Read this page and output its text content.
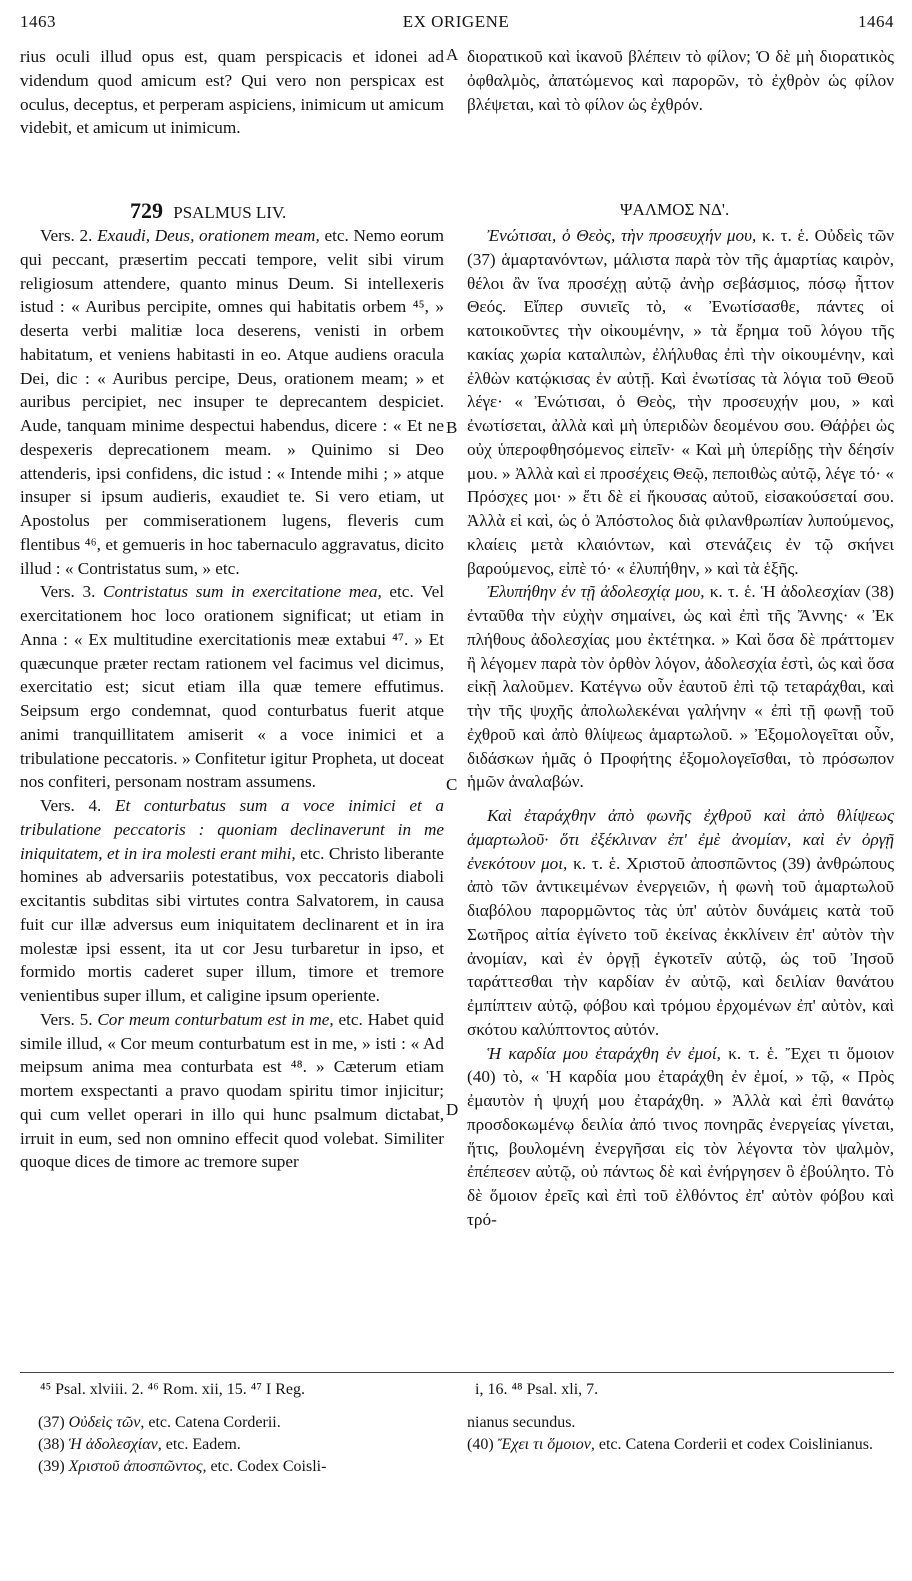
1463	EX ORIGENE	1464
A
B
C
D

rius oculi illud opus est, quam perspicacis et idonei ad videndum quod amicum est? Qui vero non perspicax est oculus, deceptus, et perperam aspiciens, inimicum ut amicum videbit, et amicum ut inimicum.

729 PSALMUS LIV.

Vers. 2. Exaudi, Deus, orationem meam, etc. Nemo eorum qui peccant, præsertim peccati tempore, velit sibi virum religiosum attendere, quanto minus Deum. Si intellexeris istud : « Auribus percipite, omnes qui habitatis orbem ⁴⁵, » deserta verbi malitiæ loca deserens, venisti in orbem habitatum, et veniens habitasti in eo. Atque audiens oracula Dei, dic : « Auribus percipe, Deus, orationem meam; » et auribus percipiet, nec insuper te deprecantem despiciet. Aude, tanquam minime despectui habendus, dicere : « Et ne despexeris deprecationem meam. » Quinimo si Deo attenderis, ipsi confidens, dic istud : « Intende mihi ; » atque insuper si ipsum audieris, exaudiet te. Si vero etiam, ut Apostolus per commiserationem lugens, fleveris cum flentibus ⁴⁶, et gemueris in hoc tabernaculo aggravatus, dicito illud : « Contristatus sum, » etc.

Vers. 3. Contristatus sum in exercitatione mea, etc. Vel exercitationem hoc loco orationem significat; ut etiam in Anna : « Ex multitudine exercitationis meæ extabui ⁴⁷. » Et quæcunque præter rectam rationem vel facimus vel dicimus, exercitatio est; sicut etiam illa quæ temere effutimus. Seipsum ergo condemnat, quod conturbatus fuerit atque animi tranquillitatem amiserit « a voce inimici et a tribulatione peccatoris. » Confitetur igitur Propheta, ut doceat nos confiteri, personam nostram assumens.

Vers. 4. Et conturbatus sum a voce inimici et a tribulatione peccatoris : quoniam declinaverunt in me iniquitatem, et in ira molesti erant mihi, etc. Christo liberante homines ab adversariis potestatibus, vox peccatoris diaboli excitantis subditas sibi virtutes contra Salvatorem, in causa fuit cur illæ adversus eum iniquitatem declinarent et in ira molestæ ipsi essent, ita ut cor Jesu turbaretur in ipso, et formido mortis caderet super illum, timore et tremore venientibus super illum, et caligine ipsum operiente.

Vers. 5. Cor meum conturbatum est in me, etc. Habet quid simile illud, « Cor meum conturbatum est in me, » isti : « Ad meipsum anima mea conturbata est ⁴⁸. » Cæterum etiam mortem exspectanti a pravo quodam spiritu timor injicitur; qui cum vellet operari in illo qui hunc psalmum dictabat, irruit in eum, sed non omnino effecit quod volebat. Similiter quoque dices de timore ac tremore super

διορατικοῦ καὶ ἱκανοῦ βλέπειν τὸ φίλον; Ὁ δὲ μὴ διορατικὸς ὀφθαλμὸς, ἀπατώμενος καὶ παρορῶν, τὸ ἐχθρὸν ὡς φίλον βλέψεται, καὶ τὸ φίλον ὡς ἐχθρόν.

ΨΑΛΜΟΣ ΝΔ'.

Ἐνώτισαι, ὁ Θεὸς, τὴν προσευχήν μου, κ. τ. ἑ. Οὐδεὶς τῶν (37) ἁμαρτανόντων, μάλιστα παρὰ τὸν τῆς ἁμαρτίας καιρὸν, θέλοι ἂν ἵνα προσέχῃ αὐτῷ ἀνὴρ σεβάσμιος, πόσῳ ἧττον Θεός. Εἴπερ συνιεῖς τὸ, « Ἐνωτίσασθε, πάντες οἱ κατοικοῦντες τὴν οἰκουμένην, » τὰ ἔρημα τοῦ λόγου τῆς κακίας χωρία καταλιπὼν, ἐλήλυθας ἐπὶ τὴν οἰκουμένην, καὶ ἐλθὼν κατῴκισας ἐν αὐτῇ. Καὶ ἐνωτίσας τὰ λόγια τοῦ Θεοῦ λέγε· « Ἐνώτισαι, ὁ Θεὸς, τὴν προσευχήν μου, » καὶ ἐνωτίσεται, ἀλλὰ καὶ μὴ ὑπεριδὼν δεομένου σου. Θάῤῥει ὡς οὐχ ὑπεροφθησόμενος εἰπεῖν· « Καὶ μὴ ὑπερίδῃς τὴν δέησίν μου. » Ἀλλὰ καὶ εἰ προσέχεις Θεῷ, πεποιθὼς αὐτῷ, λέγε τό· « Πρόσχες μοι· » ἔτι δὲ εἰ ἤκουσας αὐτοῦ, εἰσακούσεταί σου. Ἀλλὰ εἰ καὶ, ὡς ὁ Ἀπόστολος διὰ φιλανθρωπίαν λυπούμενος, κλαίεις μετὰ κλαιόντων, καὶ στενάζεις ἐν τῷ σκήνει βαρούμενος, εἰπὲ τό· « ἐλυπήθην, » καὶ τὰ ἑξῆς.

Ἐλυπήθην ἐν τῇ ἀδολεσχίᾳ μου, κ. τ. ἑ. Ἡ ἀδολεσχίαν (38) ἐνταῦθα τὴν εὐχὴν σημαίνει, ὡς καὶ ἐπὶ τῆς Ἄννης· « Ἐκ πλήθους ἀδολεσχίας μου ἐκτέτηκα. » Καὶ ὅσα δὲ πράττομεν ἢ λέγομεν παρὰ τὸν ὀρθὸν λόγον, ἀδολεσχία ἐστὶ, ὡς καὶ ὅσα εἰκῇ λαλοῦμεν. Κατέγνω οὖν ἑαυτοῦ ἐπὶ τῷ τεταράχθαι, καὶ τὴν τῆς ψυχῆς ἀπολωλεκέναι γαλήνην « ἐπὶ τῇ φωνῇ τοῦ ἐχθροῦ καὶ ἀπὸ θλίψεως ἁμαρτωλοῦ. » Ἐξομολογεῖται οὖν, διδάσκων ἡμᾶς ὁ Προφήτης ἐξομολογεῖσθαι, τὸ πρόσωπον ἡμῶν ἀναλαβών.

Καὶ ἐταράχθην ἀπὸ φωνῆς ἐχθροῦ καὶ ἀπὸ θλίψεως ἁμαρτωλοῦ· ὅτι ἐξέκλιναν ἐπ' ἐμὲ ἀνομίαν, καὶ ἐν ὀργῇ ἐνεκότουν μοι, κ. τ. ἑ. Χριστοῦ ἀποσπῶντος (39) ἀνθρώπους ἀπὸ τῶν ἀντικειμένων ἐνεργειῶν, ἡ φωνὴ τοῦ ἁμαρτωλοῦ διαβόλου παρορμῶντος τὰς ὑπ' αὐτὸν δυνάμεις κατὰ τοῦ Σωτῆρος αἰτία ἐγίνετο τοῦ ἐκείνας ἐκκλίνειν ἐπ' αὐτὸν τὴν ἀνομίαν, καὶ ἐν ὀργῇ ἐγκοτεῖν αὐτῷ, ὡς τοῦ Ἰησοῦ ταράττεσθαι τὴν καρδίαν ἐν αὐτῷ, καὶ δειλίαν θανάτου ἐμπίπτειν αὐτῷ, φόβου καὶ τρόμου ἐρχομένων ἐπ' αὐτὸν, καὶ σκότου καλύπτοντος αὐτόν.

Ἡ καρδία μου ἐταράχθη ἐν ἐμοί, κ. τ. ἑ. Ἔχει τι ὅμοιον (40) τὸ, « Ἡ καρδία μου ἐταράχθη ἐν ἐμοί, » τῷ, « Πρὸς ἐμαυτὸν ἡ ψυχή μου ἐταράχθη. » Ἀλλὰ καὶ ἐπὶ θανάτῳ προσδοκωμένῳ δειλία ἀπό τινος πονηρᾶς ἐνεργείας γίνεται, ἥτις, βουλομένη ἐνεργῆσαι εἰς τὸν λέγοντα τὸν ψαλμὸν, ἐπέπεσεν αὐτῷ, οὐ πάντως δὲ καὶ ἐνήργησεν ὃ ἐβούλητο. Τὸ δὲ ὅμοιον ἐρεῖς καὶ ἐπὶ τοῦ ἐλθόντος ἐπ' αὐτὸν φόβου καὶ τρό-

⁴⁵ Psal. xlviii. 2. ⁴⁶ Rom. xii, 15. ⁴⁷ I Reg.	i, 16. ⁴⁸ Psal. xli, 7.
(37) Οὐδεὶς τῶν, etc. Catena Corderii.
(38) Ἡ ἀδολεσχίαν, etc. Eadem.
(39) Χριστοῦ ἀποσπῶντος, etc. Codex Coisli-
nianus secundus.
(40) Ἔχει τι ὅμοιον, etc. Catena Corderii et codex Coislinianus.
